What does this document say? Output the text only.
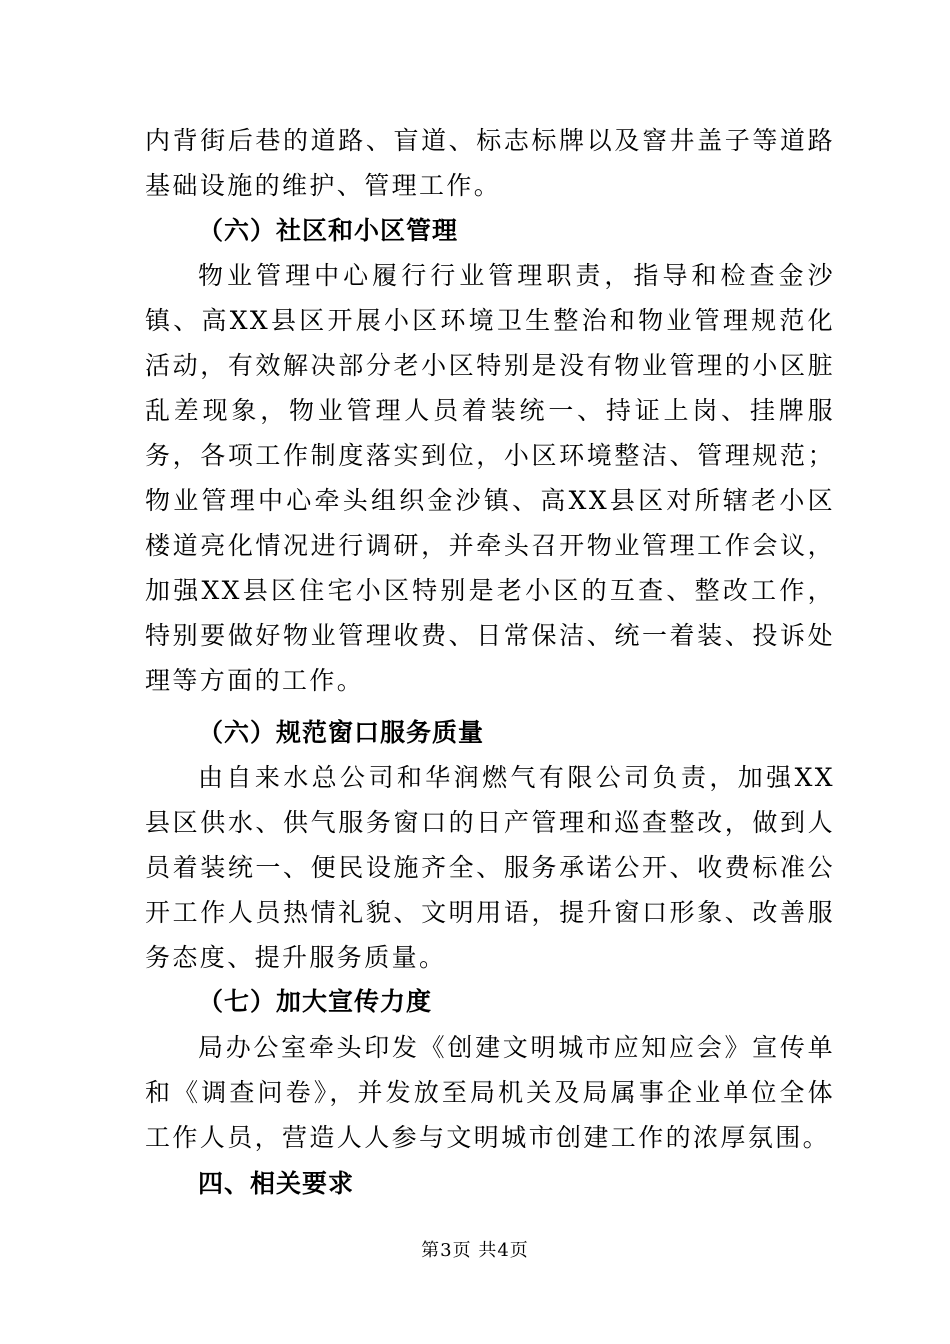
内背街后巷的道路、盲道、标志标牌以及窨井盖子等道路基础设施的维护、管理工作。

（六）社区和小区管理

物业管理中心履行行业管理职责，指导和检查金沙镇、高XX县区开展小区环境卫生整治和物业管理规范化活动，有效解决部分老小区特别是没有物业管理的小区脏乱差现象，物业管理人员着装统一、持证上岗、挂牌服务，各项工作制度落实到位，小区环境整洁、管理规范；物业管理中心牵头组织金沙镇、高XX县区对所辖老小区楼道亮化情况进行调研，并牵头召开物业管理工作会议，加强XX县区住宅小区特别是老小区的互查、整改工作，特别要做好物业管理收费、日常保洁、统一着装、投诉处理等方面的工作。

（六）规范窗口服务质量

由自来水总公司和华润燃气有限公司负责，加强XX县区供水、供气服务窗口的日产管理和巡查整改，做到人员着装统一、便民设施齐全、服务承诺公开、收费标准公开工作人员热情礼貌、文明用语，提升窗口形象、改善服务态度、提升服务质量。

（七）加大宣传力度

局办公室牵头印发《创建文明城市应知应会》宣传单和《调查问卷》，并发放至局机关及局属事企业单位全体工作人员，营造人人参与文明城市创建工作的浓厚氛围。

四、相关要求
第3页 共4页
